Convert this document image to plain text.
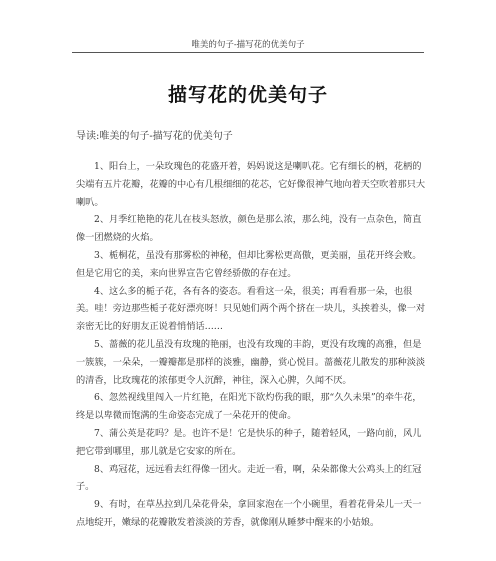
唯美的句子-描写花的优美句子
描写花的优美句子
导读:唯美的句子-描写花的优美句子

1、阳台上，一朵玫瑰色的花盛开着，妈妈说这是喇叭花。它有细长的柄，花柄的尖端有五片花瓣，花瓣的中心有几根细细的花芯，它好像很神气地向着天空吹着那只大喇叭。

2、月季红艳艳的花儿在枝头怒放，颜色是那么浓，那么纯，没有一点杂色，简直像一团燃烧的火焰。

3、栀桐花，虽没有那雾松的神秘，但却比雾松更高傲，更美丽，虽花开终会败。但是它用它的美，来向世界宣告它曾经骄傲的存在过。

4、这么多的栀子花，各有各的姿态。看看这一朵，很美；再看看那一朵，也很美。哇！旁边那些栀子花好漂亮呀！只见她们两个两个挤在一块儿，头挨着头，像一对亲密无比的好朋友正说着悄悄话……

5、蔷薇的花儿虽没有玫瑰的艳丽，也没有玫瑰的丰韵，更没有玫瑰的高雅，但是一簇簇，一朵朵，一瓣瓣都是那样的淡雅，幽静，赏心悦目。蔷薇花儿散发的那种淡淡的清香，比玫瑰花的浓郁更令人沉醉，神往，深入心脾，久闻不厌。

6、忽然视线里闯入一片红艳，在阳光下欲灼伤我的眼，那“久久未果”的牵牛花，终是以卑微而饱满的生命姿态完成了一朵花开的使命。

7、蒲公英是花吗？是。也许不是！它是快乐的种子，随着轻风，一路向前，风儿把它带到哪里，那儿就是它安家的所在。

8、鸡冠花，远远看去红得像一团火。走近一看，啊，朵朵都像大公鸡头上的红冠子。

9、有时，在草丛拉到几朵花骨朵，拿回家泡在一个小碗里，看着花骨朵儿一天一点地绽开，嫩绿的花瓣散发着淡淡的芳香，就像刚从睡梦中醒来的小姑娘。
